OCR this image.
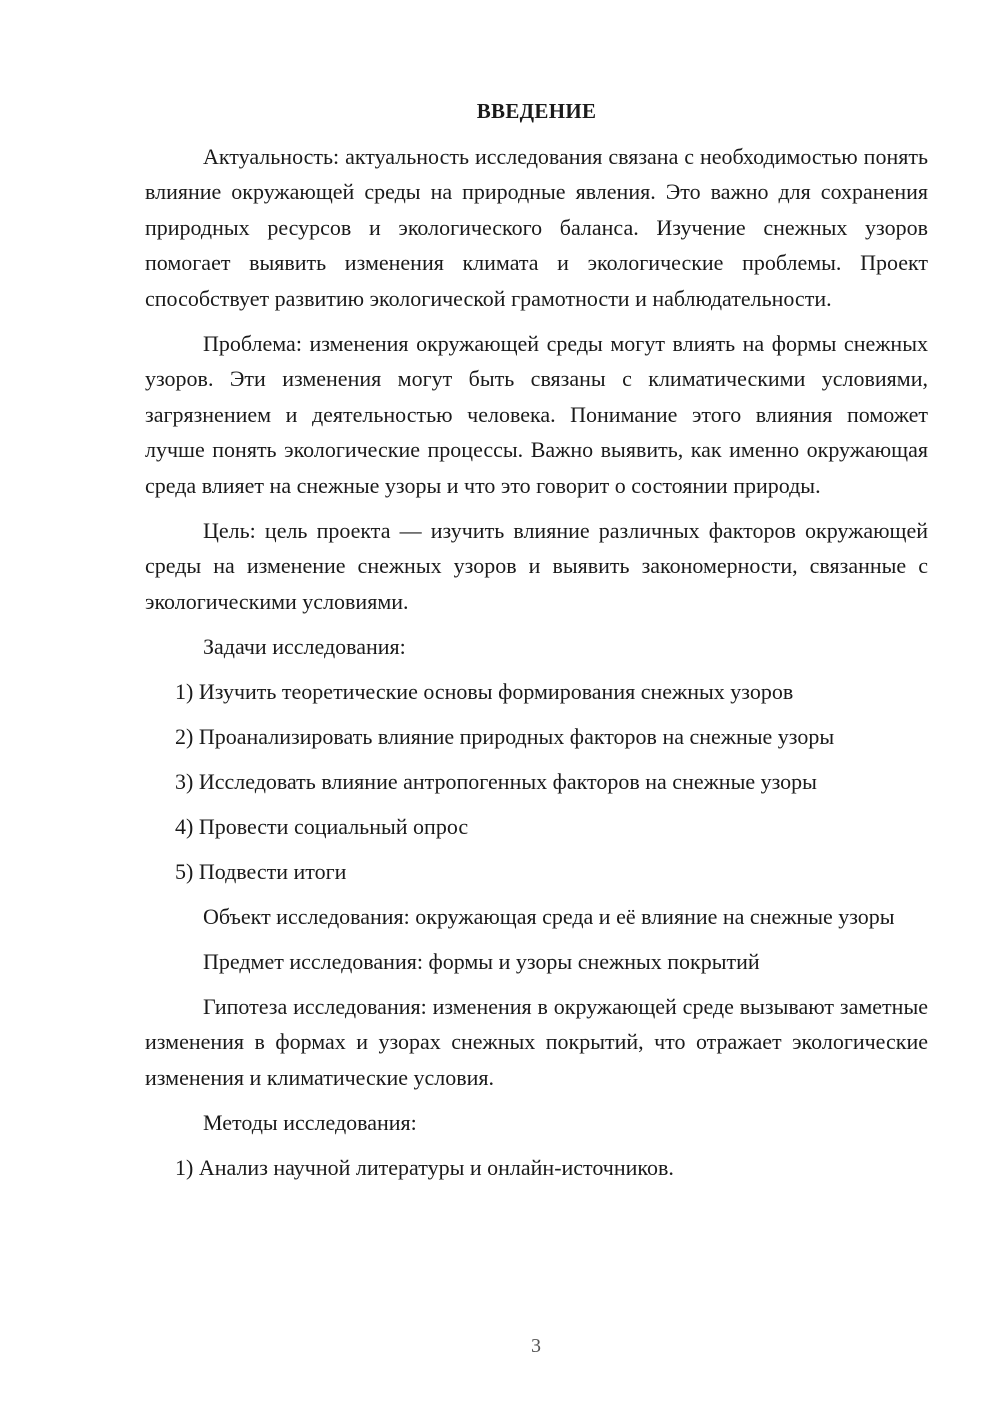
ВВЕДЕНИЕ

Актуальность: актуальность исследования связана с необходимостью понять влияние окружающей среды на природные явления. Это важно для сохранения природных ресурсов и экологического баланса. Изучение снежных узоров помогает выявить изменения климата и экологические проблемы. Проект способствует развитию экологической грамотности и наблюдательности.

Проблема: изменения окружающей среды могут влиять на формы снежных узоров. Эти изменения могут быть связаны с климатическими условиями, загрязнением и деятельностью человека. Понимание этого влияния поможет лучше понять экологические процессы. Важно выявить, как именно окружающая среда влияет на снежные узоры и что это говорит о состоянии природы.

Цель: цель проекта — изучить влияние различных факторов окружающей среды на изменение снежных узоров и выявить закономерности, связанные с экологическими условиями.

Задачи исследования:

1) Изучить теоретические основы формирования снежных узоров

2) Проанализировать влияние природных факторов на снежные узоры

3) Исследовать влияние антропогенных факторов на снежные узоры

4) Провести социальный опрос

5) Подвести итоги

Объект исследования: окружающая среда и её влияние на снежные узоры

Предмет исследования: формы и узоры снежных покрытий

Гипотеза исследования: изменения в окружающей среде вызывают заметные изменения в формах и узорах снежных покрытий, что отражает экологические изменения и климатические условия.

Методы исследования:

1) Анализ научной литературы и онлайн-источников.

3
